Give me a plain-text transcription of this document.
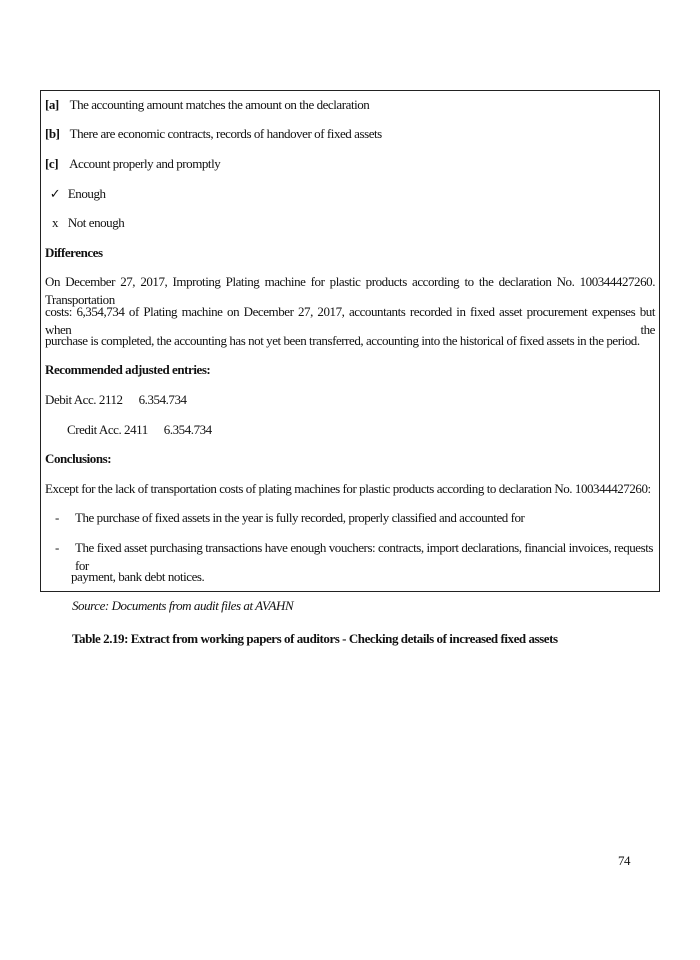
[a] The accounting amount matches the amount on the declaration
[b] There are economic contracts, records of handover of fixed assets
[c] Account properly and promptly
✓ Enough
x Not enough
Differences
On December 27, 2017, Improting Plating machine for plastic products according to the declaration No. 100344427260. Transportation
costs: 6,354,734 of Plating machine on December 27, 2017, accountants recorded in fixed asset procurement expenses but when the
purchase is completed, the accounting has not yet been transferred, accounting into the historical of fixed assets in the period.
Recommended adjusted entries:
Debit Acc. 2112 6.354.734
Credit Acc. 2411 6.354.734
Conclusions:
Except for the lack of transportation costs of plating machines for plastic products according to declaration No. 100344427260:
- The purchase of fixed assets in the year is fully recorded, properly classified and accounted for
- The fixed asset purchasing transactions have enough vouchers: contracts, import declarations, financial invoices, requests for
payment, bank debt notices.
Source: Documents from audit files at AVAHN
Table 2.19: Extract from working papers of auditors - Checking details of increased fixed assets
74
